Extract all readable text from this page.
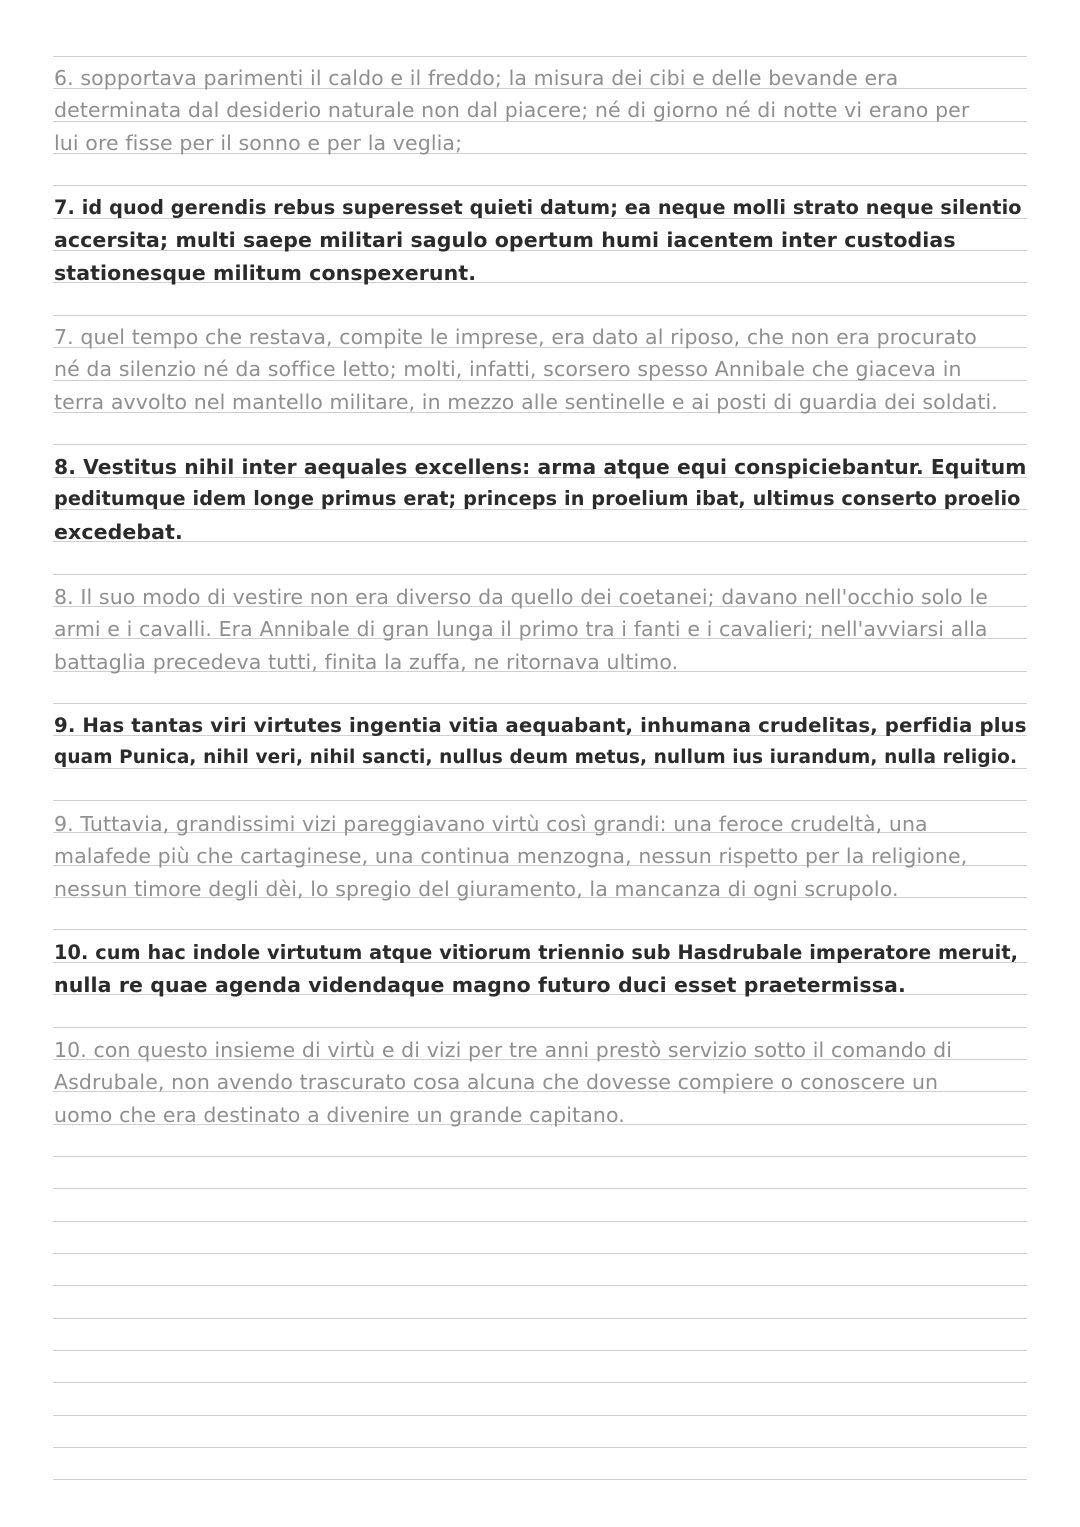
6. sopportava parimenti il caldo e il freddo; la misura dei cibi e delle bevande era
determinata dal desiderio naturale non dal piacere; né di giorno né di notte vi erano per
lui ore fisse per il sonno e per la veglia;
7. id quod gerendis rebus superesset quieti datum; ea neque molli strato neque silentio
accersita; multi saepe militari sagulo opertum humi iacentem inter custodias
stationesque militum conspexerunt.
7. quel tempo che restava, compite le imprese, era dato al riposo, che non era procurato
né da silenzio né da soffice letto; molti, infatti, scorsero spesso Annibale che giaceva in
terra avvolto nel mantello militare, in mezzo alle sentinelle e ai posti di guardia dei soldati.
8. Vestitus nihil inter aequales excellens: arma atque equi conspiciebantur. Equitum
peditumque idem longe primus erat; princeps in proelium ibat, ultimus conserto proelio
excedebat.
8. Il suo modo di vestire non era diverso da quello dei coetanei; davano nell'occhio solo le
armi e i cavalli. Era Annibale di gran lunga il primo tra i fanti e i cavalieri; nell'avviarsi alla
battaglia precedeva tutti, finita la zuffa, ne ritornava ultimo.
9. Has tantas viri virtutes ingentia vitia aequabant, inhumana crudelitas, perfidia plus
quam Punica, nihil veri, nihil sancti, nullus deum metus, nullum ius iurandum, nulla religio.
9. Tuttavia, grandissimi vizi pareggiavano virtù così grandi: una feroce crudeltà, una
malafede più che cartaginese, una continua menzogna, nessun rispetto per la religione,
nessun timore degli dèi, lo spregio del giuramento, la mancanza di ogni scrupolo.
10. cum hac indole virtutum atque vitiorum triennio sub Hasdrubale imperatore meruit,
nulla re quae agenda videndaque magno futuro duci esset praetermissa.
10. con questo insieme di virtù e di vizi per tre anni prestò servizio sotto il comando di
Asdrubale, non avendo trascurato cosa alcuna che dovesse compiere o conoscere un
uomo che era destinato a divenire un grande capitano.
